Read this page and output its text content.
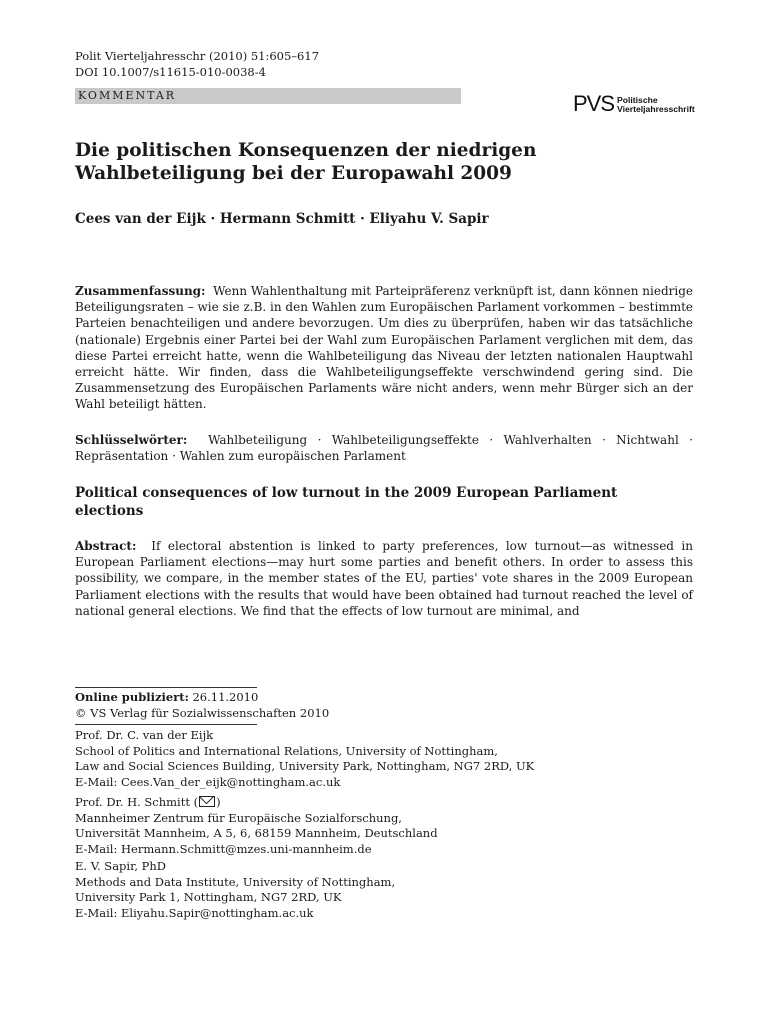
Polit Vierteljahresschr (2010) 51:605–617
DOI 10.1007/s11615-010-0038-4
KOMMENTAR	PVS Politische
Vierteljahresschrift
Die politischen Konsequenzen der niedrigen
Wahlbeteiligung bei der Europawahl 2009
Cees van der Eijk · Hermann Schmitt · Eliyahu V. Sapir
Zusammenfassung: Wenn Wahlenthaltung mit Parteipräferenz verknüpft ist, dann können niedrige Beteiligungsraten – wie sie z.B. in den Wahlen zum Europäischen Parlament vorkommen – bestimmte Parteien benachteiligen und andere bevorzugen. Um dies zu überprüfen, haben wir das tatsächliche (nationale) Ergebnis einer Partei bei der Wahl zum Europäischen Parlament verglichen mit dem, das diese Partei erreicht hatte, wenn die Wahlbeteiligung das Niveau der letzten nationalen Hauptwahl erreicht hätte. Wir finden, dass die Wahlbeteiligungseffekte verschwindend gering sind. Die Zusammensetzung des Europäischen Parlaments wäre nicht anders, wenn mehr Bürger sich an der Wahl beteiligt hätten.
Schlüsselwörter: Wahlbeteiligung · Wahlbeteiligungseffekte · Wahlverhalten · Nichtwahl · Repräsentation · Wahlen zum europäischen Parlament
Political consequences of low turnout in the 2009 European Parliament
elections
Abstract: If electoral abstention is linked to party preferences, low turnout—as witnessed in European Parliament elections—may hurt some parties and benefit others. In order to assess this possibility, we compare, in the member states of the EU, parties' vote shares in the 2009 European Parliament elections with the results that would have been obtained had turnout reached the level of national general elections. We find that the effects of low turnout are minimal, and
Online publiziert: 26.11.2010
© VS Verlag für Sozialwissenschaften 2010
Prof. Dr. C. van der Eijk
School of Politics and International Relations, University of Nottingham,
Law and Social Sciences Building, University Park, Nottingham, NG7 2RD, UK
E-Mail: Cees.Van_der_eijk@nottingham.ac.uk
Prof. Dr. H. Schmitt ( )
Mannheimer Zentrum für Europäische Sozialforschung,
Universität Mannheim, A 5, 6, 68159 Mannheim, Deutschland
E-Mail: Hermann.Schmitt@mzes.uni-mannheim.de
E. V. Sapir, PhD
Methods and Data Institute, University of Nottingham,
University Park 1, Nottingham, NG7 2RD, UK
E-Mail: Eliyahu.Sapir@nottingham.ac.uk
